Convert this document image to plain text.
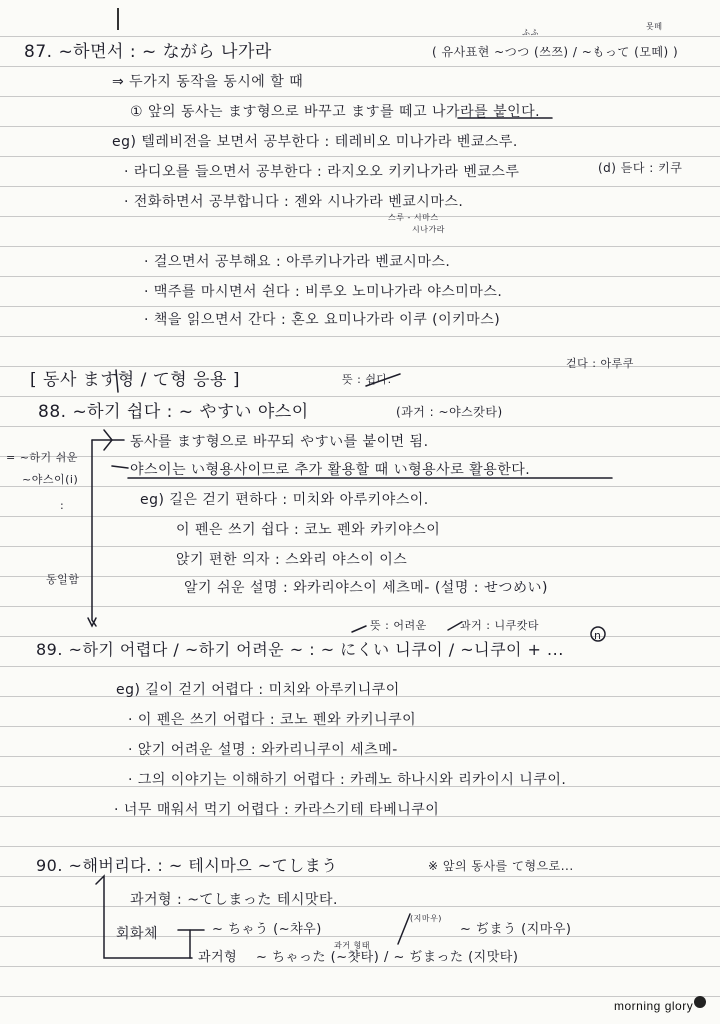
87. ~하면서 : ~ ながら 나가라	( 유사표현 ~つつ (쓰쯔) / ~もって (모떼) )
ふふ
못떼
⇒ 두가지 동작을 동시에 할 때
① 앞의 동사는 ます형으로 바꾸고 ます를 떼고 나가라를 붙인다.
eg) 텔레비전을 보면서 공부한다 : 테레비오 미나가라 벤쿄스루.
· 라디오를 들으면서 공부한다 : 라지오오 키키나가라 벤쿄스루	(d) 듣다 : 키쿠
· 전화하면서 공부합니다 : 젠와 시나가라 벤쿄시마스.
스루 - 시마스
시나가라
· 걸으면서 공부해요 : 아루키나가라 벤쿄시마스.
· 맥주를 마시면서 쉰다 : 비루오 노미나가라 야스미마스.
· 책을 읽으면서 간다 : 혼오 요미나가라 이쿠 (이키마스)
[ 동사 ます형 / て형 응용 ]	뜻 : 쉽다.
걷다 : 아루쿠
88. ~하기 쉽다 : ~ やすい 야스이	(과거 : ~야스캇타)
= ~하기 쉬운
~야스이(i)
:
동일함
동사를 ます형으로 바꾸되 やすい를 붙이면 됨.
야스이는 い형용사이므로 추가 활용할 때 い형용사로 활용한다.
eg) 길은 걷기 편하다 : 미치와 아루키야스이.
이 펜은 쓰기 쉽다 : 코노 펜와 카키야스이
앉기 편한 의자 : 스와리 야스이 이스
알기 쉬운 설명 : 와카리야스이 세츠메- (설명 : せつめい)
뜻 : 어려운	과거 : 니쿠캇타
n
89. ~하기 어렵다 / ~하기 어려운 ~ : ~ にくい 니쿠이 / ~니쿠이 + ...
eg) 길이 걷기 어렵다 : 미치와 아루키니쿠이
· 이 펜은 쓰기 어렵다 : 코노 펜와 카키니쿠이
· 앉기 어려운 설명 : 와카리니쿠이 세츠메-
· 그의 이야기는 이해하기 어렵다 : 카레노 하나시와 리카이시 니쿠이.
· 너무 매워서 먹기 어렵다 : 카라스기테 타베니쿠이
90. ~해버리다. : ~ 테시마으 ~てしまう	※ 앞의 동사를 て형으로...
과거형 : ~てしまった 테시맛타.
회화체	~ ちゃう (~챠우)
(지마우)
~ ぢまう (지마우)
과거형 ~ ちゃった (~챳타) / ~ ぢまった (지맛타)
과거 형태
morning glory
